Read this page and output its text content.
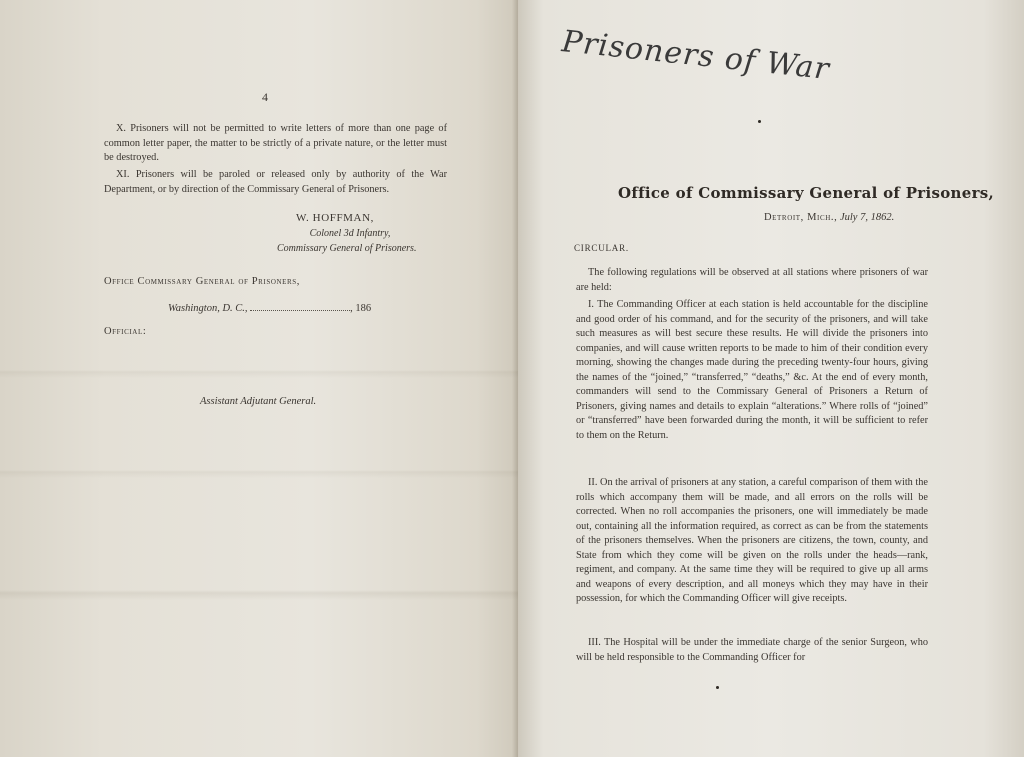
4
X. Prisoners will not be permitted to write letters of more than one page of common letter paper, the matter to be strictly of a private nature, or the letter must be destroyed.
XI. Prisoners will be paroled or released only by authority of the War Department, or by direction of the Commissary General of Prisoners.
W. HOFFMAN,
Colonel 3d Infantry,
Commissary General of Prisoners.
Office Commissary General of Prisoners,
Washington, D. C.,	, 186
Official:
Assistant Adjutant General.
Prisoners of War
Office of Commissary General of Prisoners,
Detroit, Mich., July 7, 1862.
CIRCULAR.
The following regulations will be observed at all stations where prisoners of war are held:
I. The Commanding Officer at each station is held accountable for the discipline and good order of his command, and for the security of the prisoners, and will take such measures as will best secure these results. He will divide the prisoners into companies, and will cause written reports to be made to him of their condition every morning, showing the changes made during the preceding twenty-four hours, giving the names of the “joined,” “transferred,” “deaths,” &c. At the end of every month, commanders will send to the Commissary General of Prisoners a Return of Prisoners, giving names and details to explain “alterations.” Where rolls of “joined” or “transferred” have been forwarded during the month, it will be sufficient to refer to them on the Return.
II. On the arrival of prisoners at any station, a careful comparison of them with the rolls which accompany them will be made, and all errors on the rolls will be corrected. When no roll accompanies the prisoners, one will immediately be made out, containing all the information required, as correct as can be from the statements of the prisoners themselves. When the prisoners are citizens, the town, county, and State from which they come will be given on the rolls under the heads—rank, regiment, and company. At the same time they will be required to give up all arms and weapons of every description, and all moneys which they may have in their possession, for which the Commanding Officer will give receipts.
III. The Hospital will be under the immediate charge of the senior Surgeon, who will be held responsible to the Commanding Officer for
